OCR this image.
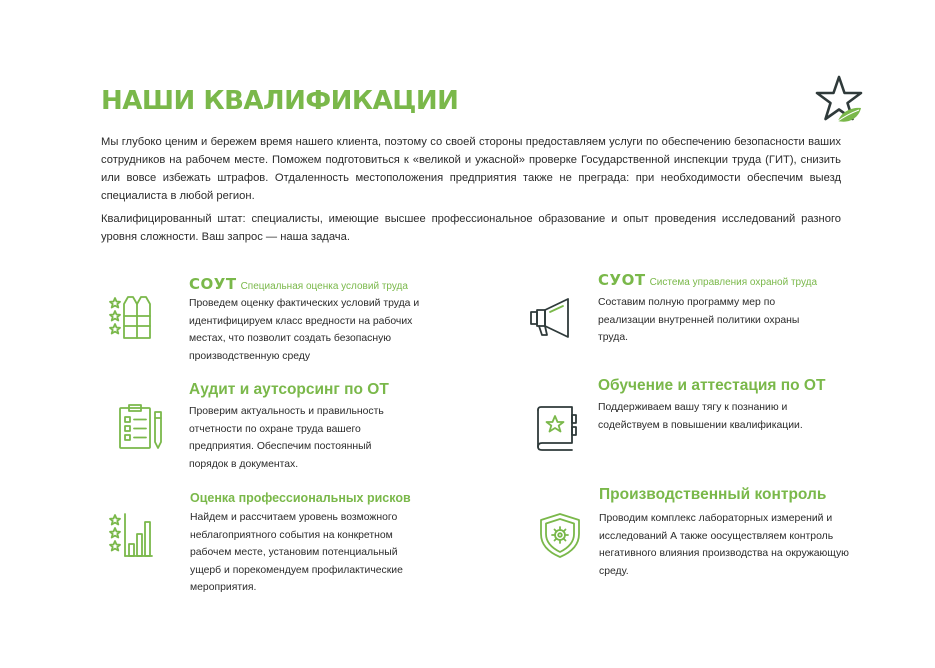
НАШИ КВАЛИФИКАЦИИ

Мы глубоко ценим и бережем время нашего клиента, поэтому со своей стороны предоставляем услуги по обеспечению безопасности ваших сотрудников на рабочем месте. Поможем подготовиться к «великой и ужасной» проверке Государственной инспекции труда (ГИТ), снизить или вовсе избежать штрафов. Отдаленность местоположения предприятия также не преграда: при необходимости обеспечим выезд специалиста в любой регион.

Квалифицированный штат: специалисты, имеющие высшее профессиональное образование и опыт проведения исследований разного уровня сложности. Ваш запрос — наша задача.

СОУТ Специальная оценка условий труда

Проведем оценку фактических условий труда и идентифицируем класс вредности на рабочих местах, что позволит создать безопасную производственную среду

СУОТ Система управления охраной труда

Составим полную программу мер по реализации внутренней политики охраны труда.

Аудит и аутсорсинг по ОТ

Проверим актуальность и правильность отчетности по охране труда вашего предприятия. Обеспечим постоянный порядок в документах.

Обучение и аттестация по ОТ

Поддерживаем вашу тягу к познанию и содействуем в повышении квалификации.

Оценка профессиональных рисков

Найдем и рассчитаем уровень возможного неблагоприятного события на конкретном рабочем месте, установим потенциальный ущерб и порекомендуем профилактические мероприятия.

Производственный контроль

Проводим комплекс лабораторных измерений и исследований А также оосуществляем контроль негативного влияния производства на окружающую среду.
